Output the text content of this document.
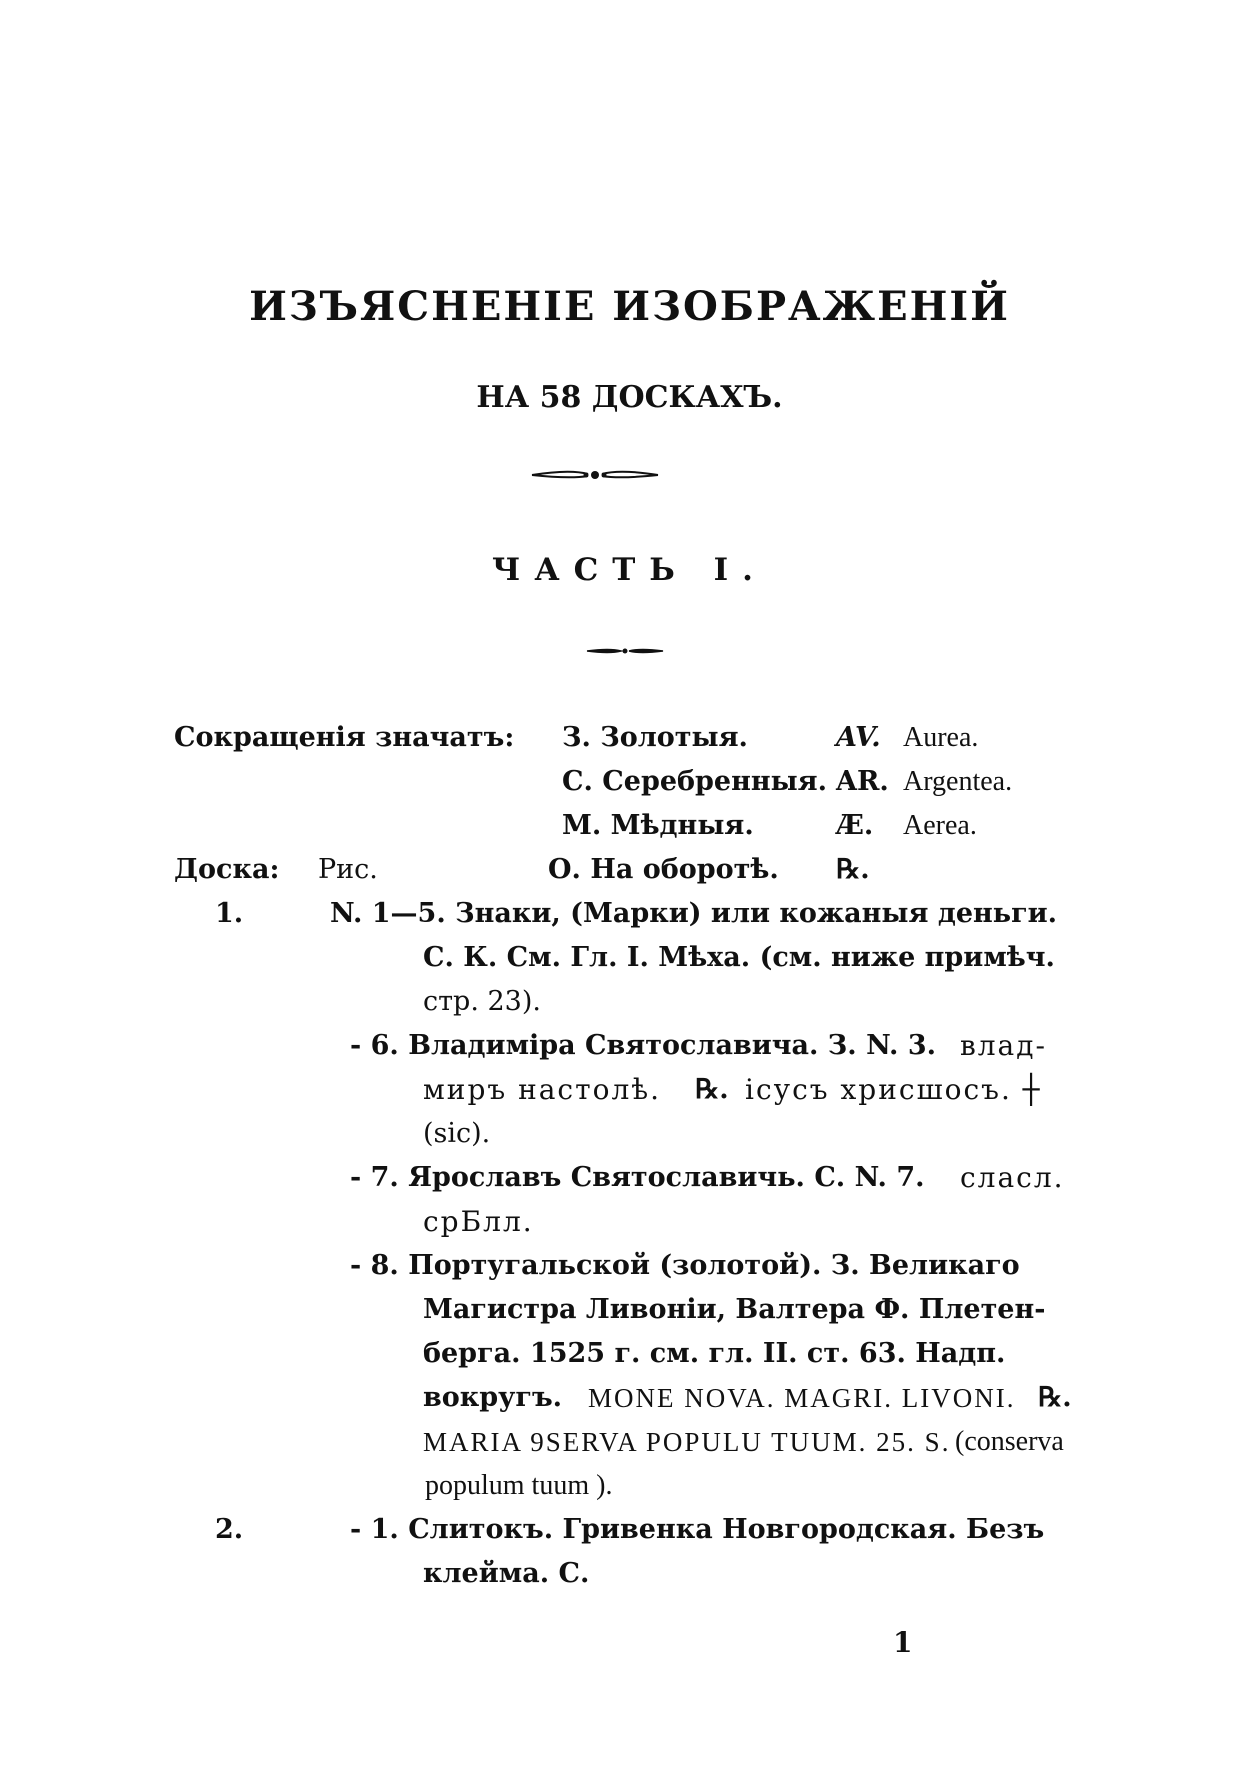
ИЗЪЯСНЕНІЕ ИЗОБРАЖЕНІЙ
НА 58 ДОСКАХЪ.
ЧАСТЬ I.
Сокращенія значатъ: З. Золотыя.	AV. Aurea.
С. Серебренныя. AR. Argentea.
М. Мѣдныя.	Æ. Aerea.
Доска: Рис.	О. На оборотѣ. ℞.
1.	N. 1—5. Знаки, (Марки) или кожаныя деньги.
С. К. См. Гл. I. Мѣха. (см. ниже примѣч.
стр. 23).
- 6. Владиміра Святославича. З. N. 3. влад-
миръ настолѣ. ℞. ісусъ хрисшосъ. ┼
(sic).
- 7. Ярославъ Святославичь. С. N. 7. сласл.
срБлл.
- 8. Португальской (золотой). З. Великаго
Магистра Ливоніи, Валтера Ф. Плетен-
берга. 1525 г. см. гл. II. ст. 63. Надп.
вокругъ. MONE NOVA. MAGRI. LIVONI. ℞.
MARIA 9SERVA POPULU TUUM. 25. S. (conserva
populum tuum ).
2.	- 1. Слитокъ. Гривенка Новгородская. Безъ
клейма. С.
1
